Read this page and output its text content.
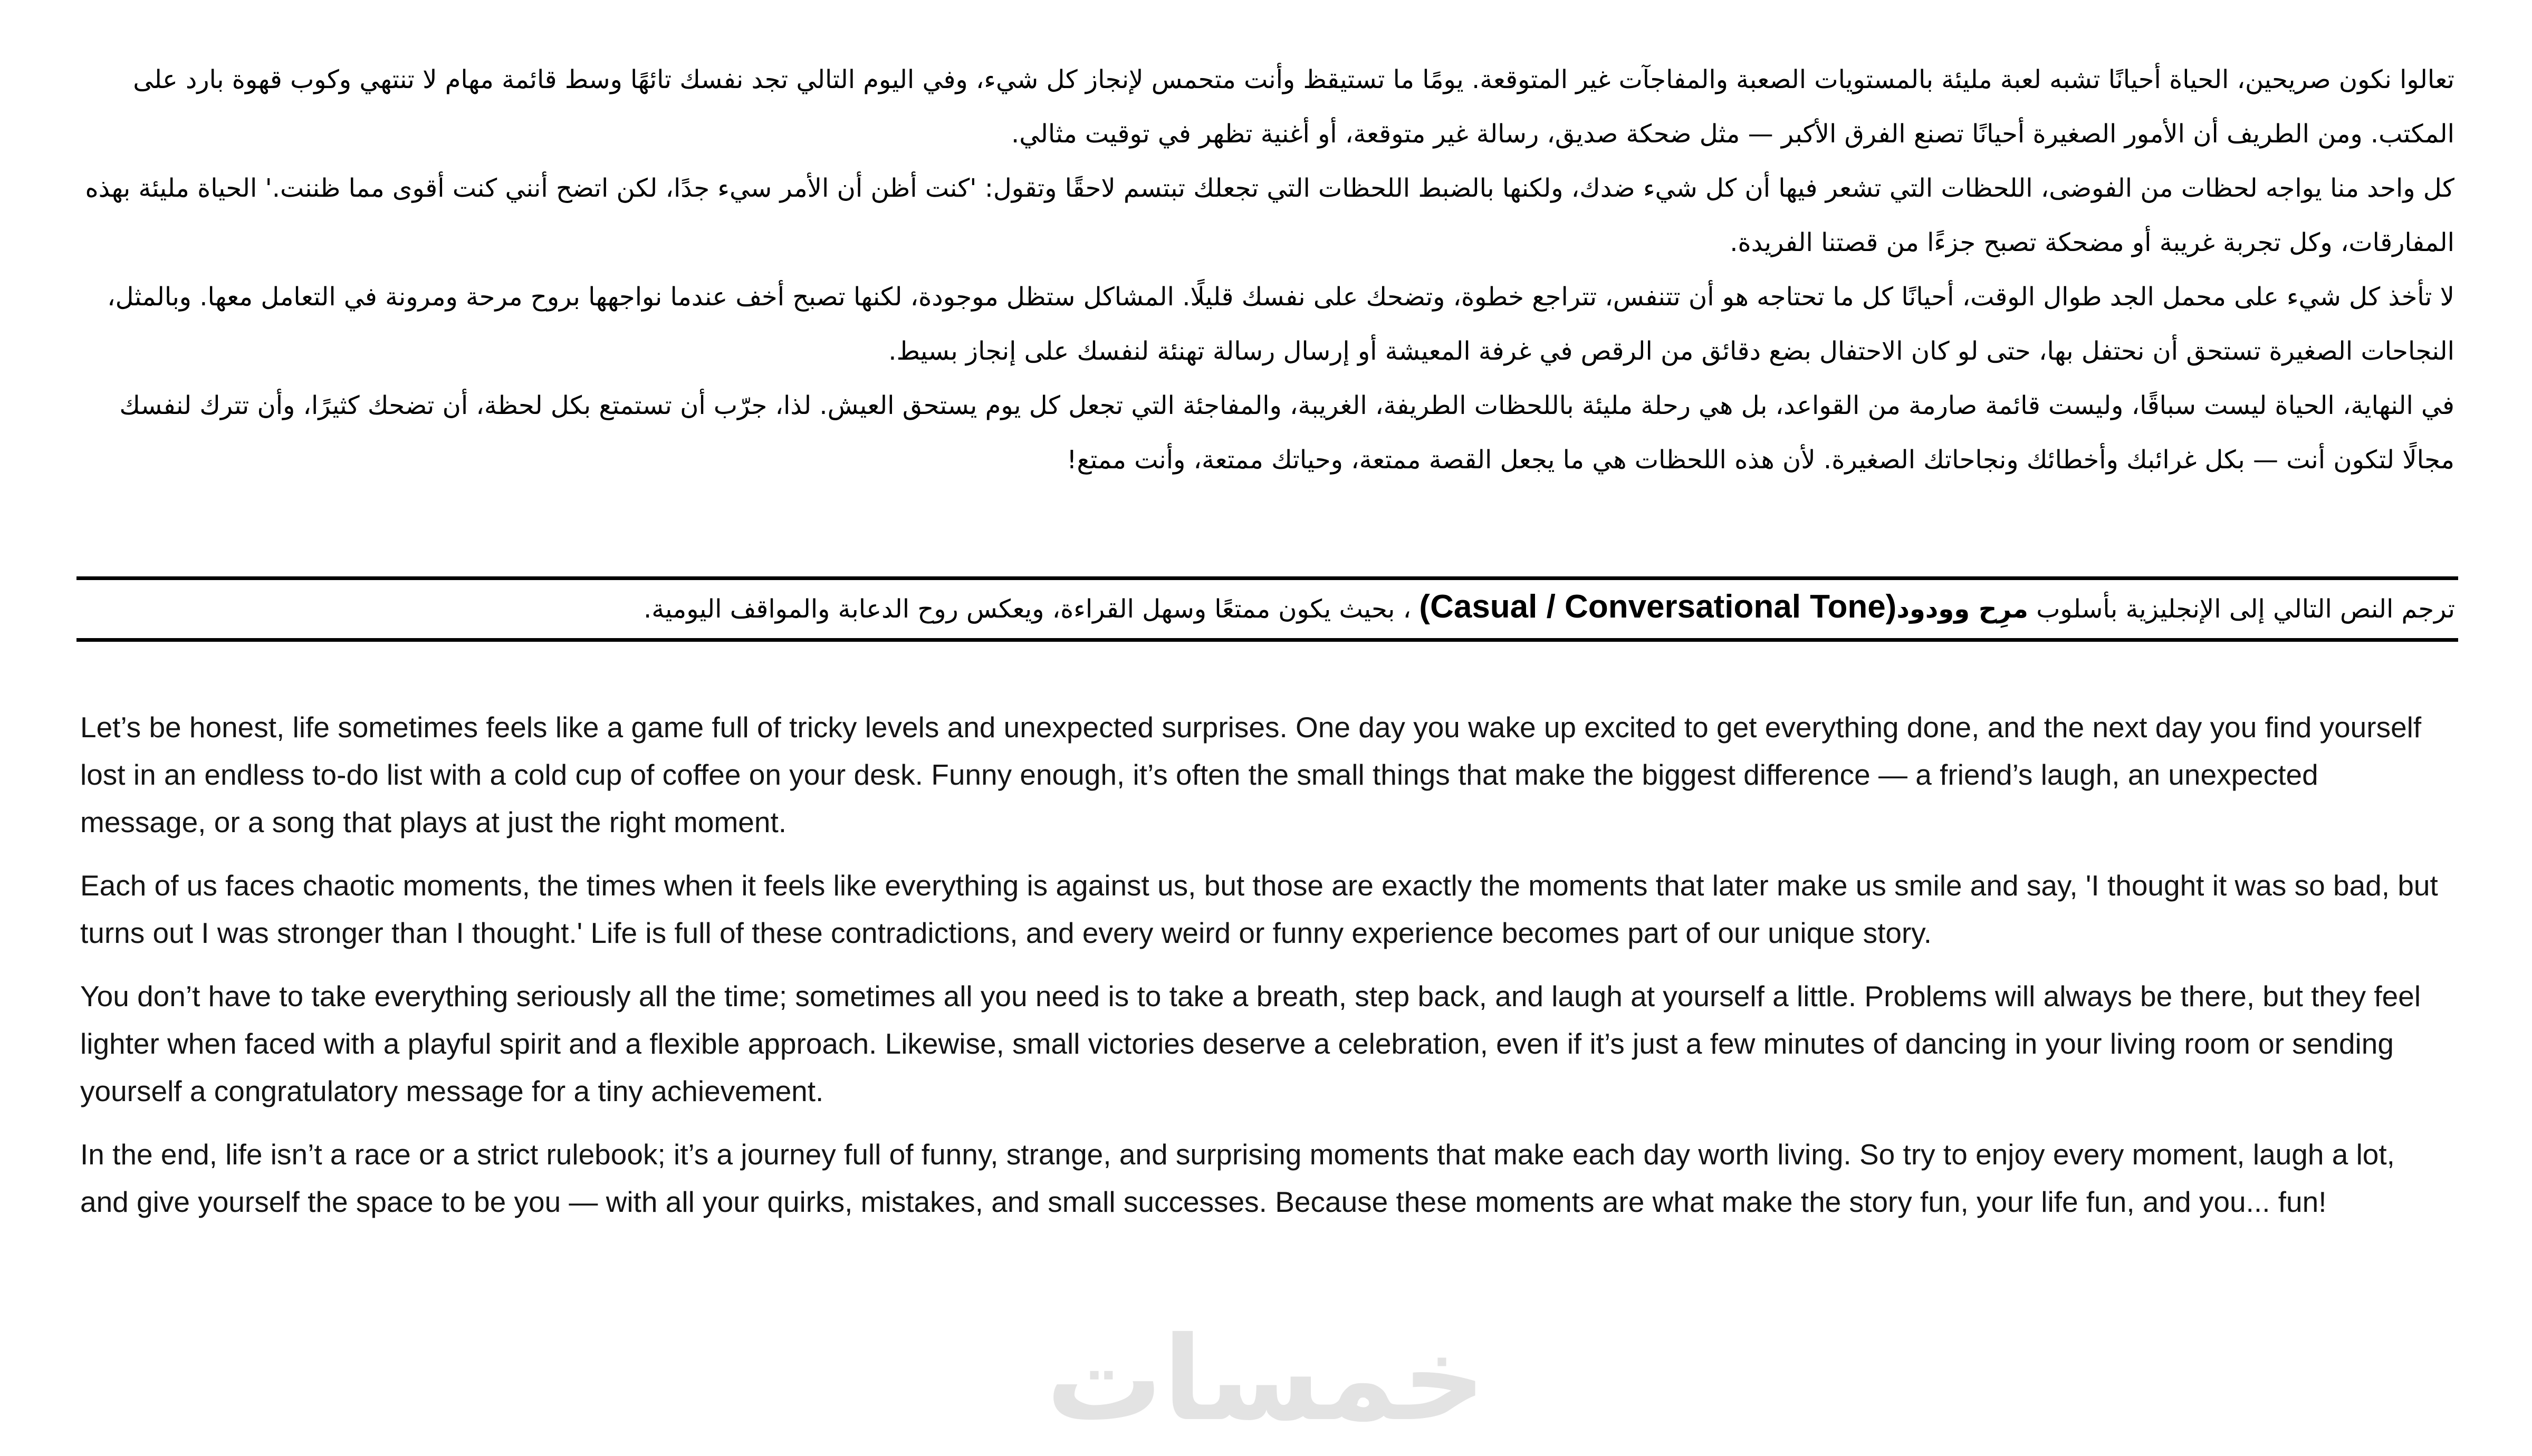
تعالوا نكون صريحين، الحياة أحيانًا تشبه لعبة مليئة بالمستويات الصعبة والمفاجآت غير المتوقعة. يومًا ما تستيقظ وأنت متحمس لإنجاز كل شيء، وفي اليوم التالي تجد نفسك تائهًا وسط قائمة مهام لا تنتهي وكوب قهوة بارد على المكتب. ومن الطريف أن الأمور الصغيرة أحيانًا تصنع الفرق الأكبر — مثل ضحكة صديق، رسالة غير متوقعة، أو أغنية تظهر في توقيت مثالي.

كل واحد منا يواجه لحظات من الفوضى، اللحظات التي تشعر فيها أن كل شيء ضدك، ولكنها بالضبط اللحظات التي تجعلك تبتسم لاحقًا وتقول: 'كنت أظن أن الأمر سيء جدًا، لكن اتضح أنني كنت أقوى مما ظننت.' الحياة مليئة بهذه المفارقات، وكل تجربة غريبة أو مضحكة تصبح جزءًا من قصتنا الفريدة.

لا تأخذ كل شيء على محمل الجد طوال الوقت، أحيانًا كل ما تحتاجه هو أن تتنفس، تتراجع خطوة، وتضحك على نفسك قليلًا. المشاكل ستظل موجودة، لكنها تصبح أخف عندما نواجهها بروح مرحة ومرونة في التعامل معها. وبالمثل، النجاحات الصغيرة تستحق أن نحتفل بها، حتى لو كان الاحتفال بضع دقائق من الرقص في غرفة المعيشة أو إرسال رسالة تهنئة لنفسك على إنجاز بسيط.

في النهاية، الحياة ليست سباقًا، وليست قائمة صارمة من القواعد، بل هي رحلة مليئة باللحظات الطريفة، الغريبة، والمفاجئة التي تجعل كل يوم يستحق العيش. لذا، جرّب أن تستمتع بكل لحظة، أن تضحك كثيرًا، وأن تترك لنفسك مجالًا لتكون أنت — بكل غرائبك وأخطائك ونجاحاتك الصغيرة. لأن هذه اللحظات هي ما يجعل القصة ممتعة، وحياتك ممتعة، وأنت ممتع!

ترجم النص التالي إلى الإنجليزية بأسلوب مرِح وودود(Casual / Conversational Tone) ، بحيث يكون ممتعًا وسهل القراءة، ويعكس روح الدعابة والمواقف اليومية.

Let’s be honest, life sometimes feels like a game full of tricky levels and unexpected surprises. One day you wake up excited to get everything done, and the next day you find yourself lost in an endless to-do list with a cold cup of coffee on your desk. Funny enough, it’s often the small things that make the biggest difference — a friend’s laugh, an unexpected message, or a song that plays at just the right moment.

Each of us faces chaotic moments, the times when it feels like everything is against us, but those are exactly the moments that later make us smile and say, 'I thought it was so bad, but turns out I was stronger than I thought.' Life is full of these contradictions, and every weird or funny experience becomes part of our unique story.

You don’t have to take everything seriously all the time; sometimes all you need is to take a breath, step back, and laugh at yourself a little. Problems will always be there, but they feel lighter when faced with a playful spirit and a flexible approach. Likewise, small victories deserve a celebration, even if it’s just a few minutes of dancing in your living room or sending yourself a congratulatory message for a tiny achievement.

In the end, life isn’t a race or a strict rulebook; it’s a journey full of funny, strange, and surprising moments that make each day worth living. So try to enjoy every moment, laugh a lot, and give yourself the space to be you — with all your quirks, mistakes, and small successes. Because these moments are what make the story fun, your life fun, and you... fun!

خمسات
